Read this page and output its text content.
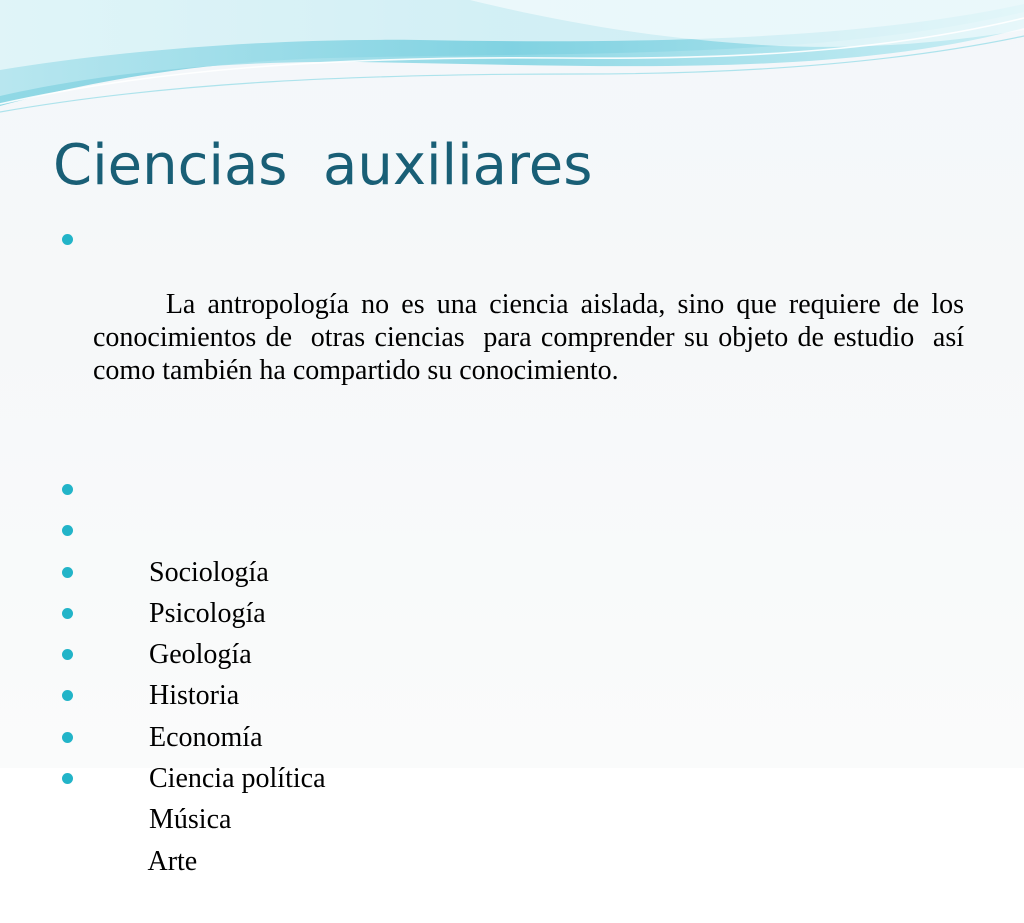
Ciencias  auxiliares

La antropología no es una ciencia aislada, sino que requiere de los conocimientos de  otras ciencias  para comprender su objeto de estudio  así como también ha compartido su conocimiento.

Sociología

Psicología

Geología

Historia

Economía

Ciencia política

Música

Arte
